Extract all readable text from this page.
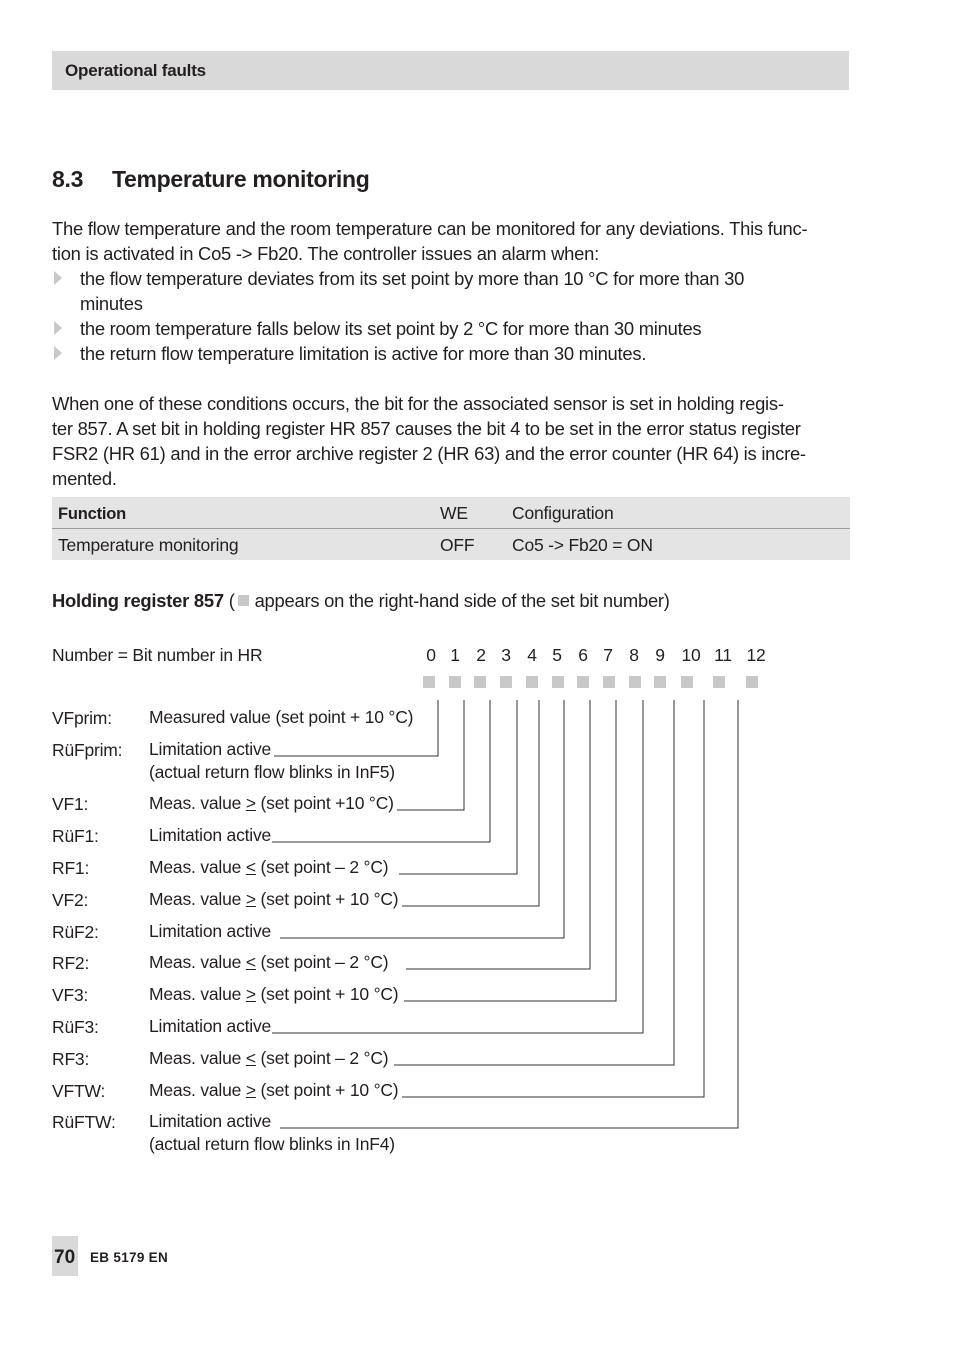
Operational faults
8.3 Temperature monitoring
The flow temperature and the room temperature can be monitored for any deviations. This func-
tion is activated in Co5 -> Fb20. The controller issues an alarm when:
the flow temperature deviates from its set point by more than 10 °C for more than 30
minutes
the room temperature falls below its set point by 2 °C for more than 30 minutes
the return flow temperature limitation is active for more than 30 minutes.
When one of these conditions occurs, the bit for the associated sensor is set in holding regis-
ter 857. A set bit in holding register HR 857 causes the bit 4 to be set in the error status register
FSR2 (HR 61) and in the error archive register 2 (HR 63) and the error counter (HR 64) is incre-
mented.
Function	WE	Configuration
Temperature monitoring	OFF Co5 -> Fb20 = ON
Holding register 857 ( appears on the right-hand side of the set bit number)
Number = Bit number in HR	0 1 2 3 4 5 6 7 8 9 10 11 12
VFprim: Measured value (set point + 10 °C)
RüFprim: Limitation active
(actual return flow blinks in InF5)
VF1:	Meas. value > (set point +10 °C)
RüF1:	Limitation active
RF1:	Meas. value < (set point – 2 °C)
VF2:	Meas. value > (set point + 10 °C)
RüF2:	Limitation active
RF2:	Meas. value < (set point – 2 °C)
VF3:	Meas. value > (set point + 10 °C)
RüF3:	Limitation active
RF3:	Meas. value < (set point – 2 °C)
VFTW:	Meas. value > (set point + 10 °C)
RüFTW: Limitation active
(actual return flow blinks in InF4)
70 EB 5179 EN
